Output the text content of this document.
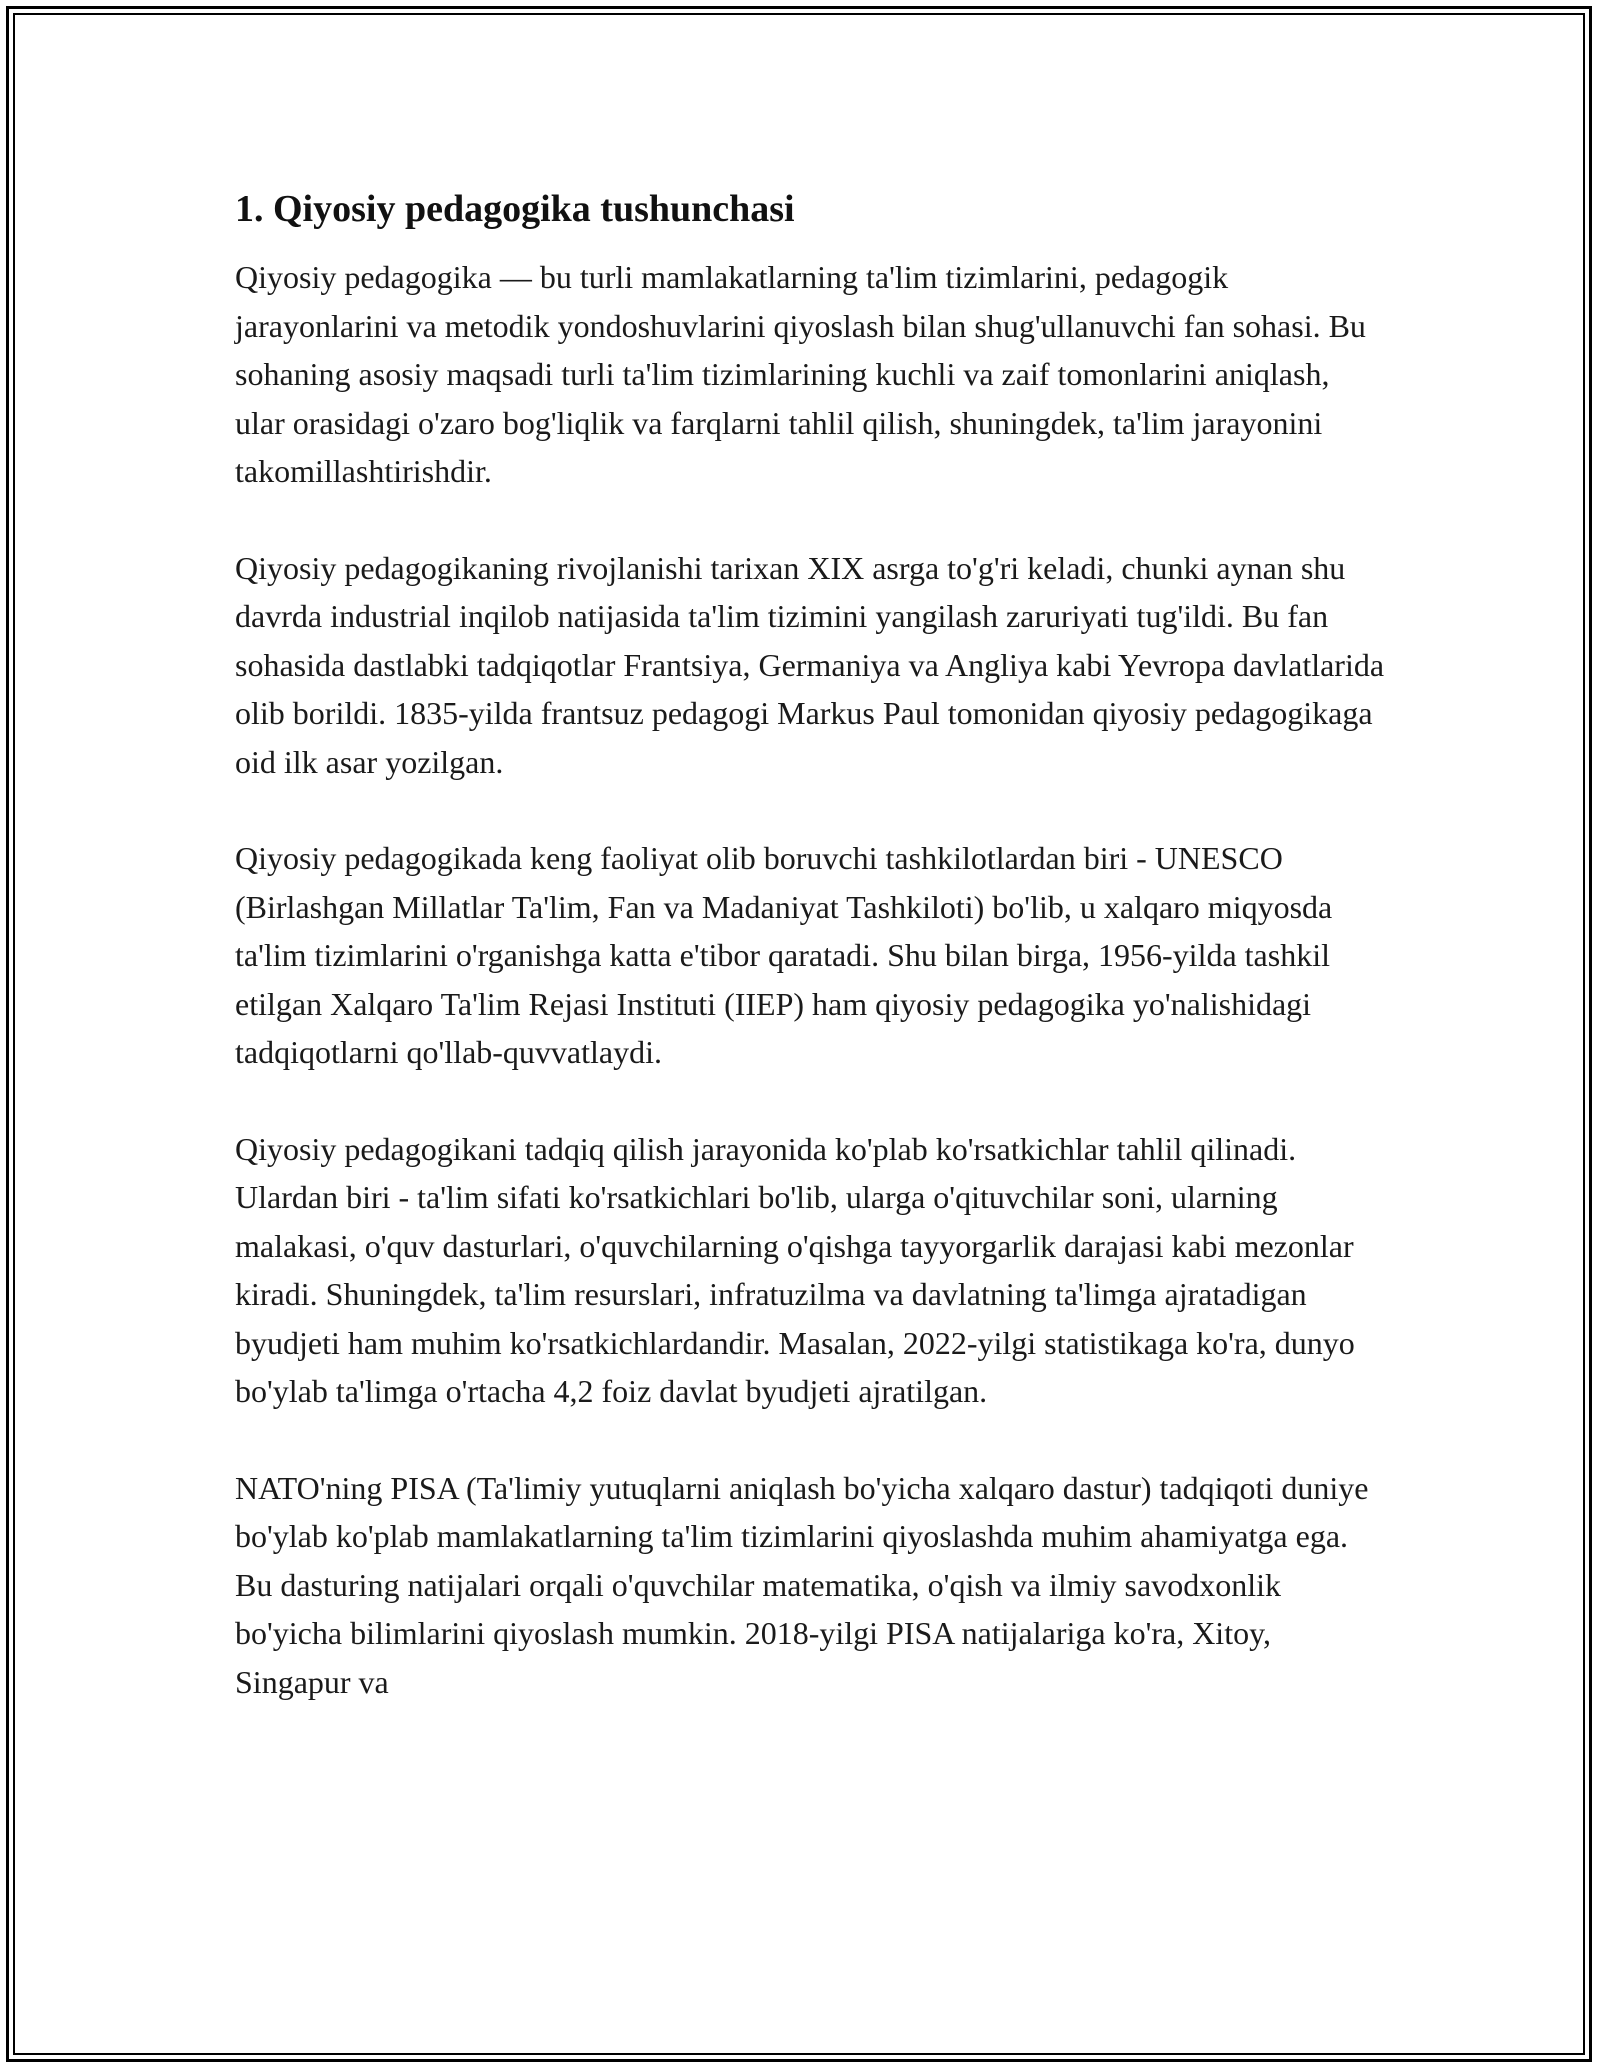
1. Qiyosiy pedagogika tushunchasi

Qiyosiy pedagogika — bu turli mamlakatlarning ta'lim tizimlarini, pedagogik jarayonlarini va metodik yondoshuvlarini qiyoslash bilan shug'ullanuvchi fan sohasi. Bu sohaning asosiy maqsadi turli ta'lim tizimlarining kuchli va zaif tomonlarini aniqlash, ular orasidagi o'zaro bog'liqlik va farqlarni tahlil qilish, shuningdek, ta'lim jarayonini takomillashtirishdir.

Qiyosiy pedagogikaning rivojlanishi tarixan XIX asrga to'g'ri keladi, chunki aynan shu davrda industrial inqilob natijasida ta'lim tizimini yangilash zaruriyati tug'ildi. Bu fan sohasida dastlabki tadqiqotlar Frantsiya, Germaniya va Angliya kabi Yevropa davlatlarida olib borildi. 1835-yilda frantsuz pedagogi Markus Paul tomonidan qiyosiy pedagogikaga oid ilk asar yozilgan.

Qiyosiy pedagogikada keng faoliyat olib boruvchi tashkilotlardan biri - UNESCO (Birlashgan Millatlar Ta'lim, Fan va Madaniyat Tashkiloti) bo'lib, u xalqaro miqyosda ta'lim tizimlarini o'rganishga katta e'tibor qaratadi. Shu bilan birga, 1956-yilda tashkil etilgan Xalqaro Ta'lim Rejasi Instituti (IIEP) ham qiyosiy pedagogika yo'nalishidagi tadqiqotlarni qo'llab-quvvatlaydi.

Qiyosiy pedagogikani tadqiq qilish jarayonida ko'plab ko'rsatkichlar tahlil qilinadi. Ulardan biri - ta'lim sifati ko'rsatkichlari bo'lib, ularga o'qituvchilar soni, ularning malakasi, o'quv dasturlari, o'quvchilarning o'qishga tayyorgarlik darajasi kabi mezonlar kiradi. Shuningdek, ta'lim resurslari, infratuzilma va davlatning ta'limga ajratadigan byudjeti ham muhim ko'rsatkichlardandir. Masalan, 2022-yilgi statistikaga ko'ra, dunyo bo'ylab ta'limga o'rtacha 4,2 foiz davlat byudjeti ajratilgan.

NATO'ning PISA (Ta'limiy yutuqlarni aniqlash bo'yicha xalqaro dastur) tadqiqoti duniye bo'ylab ko'plab mamlakatlarning ta'lim tizimlarini qiyoslashda muhim ahamiyatga ega. Bu dasturing natijalari orqali o'quvchilar matematika, o'qish va ilmiy savodxonlik bo'yicha bilimlarini qiyoslash mumkin. 2018-yilgi PISA natijalariga ko'ra, Xitoy, Singapur va
